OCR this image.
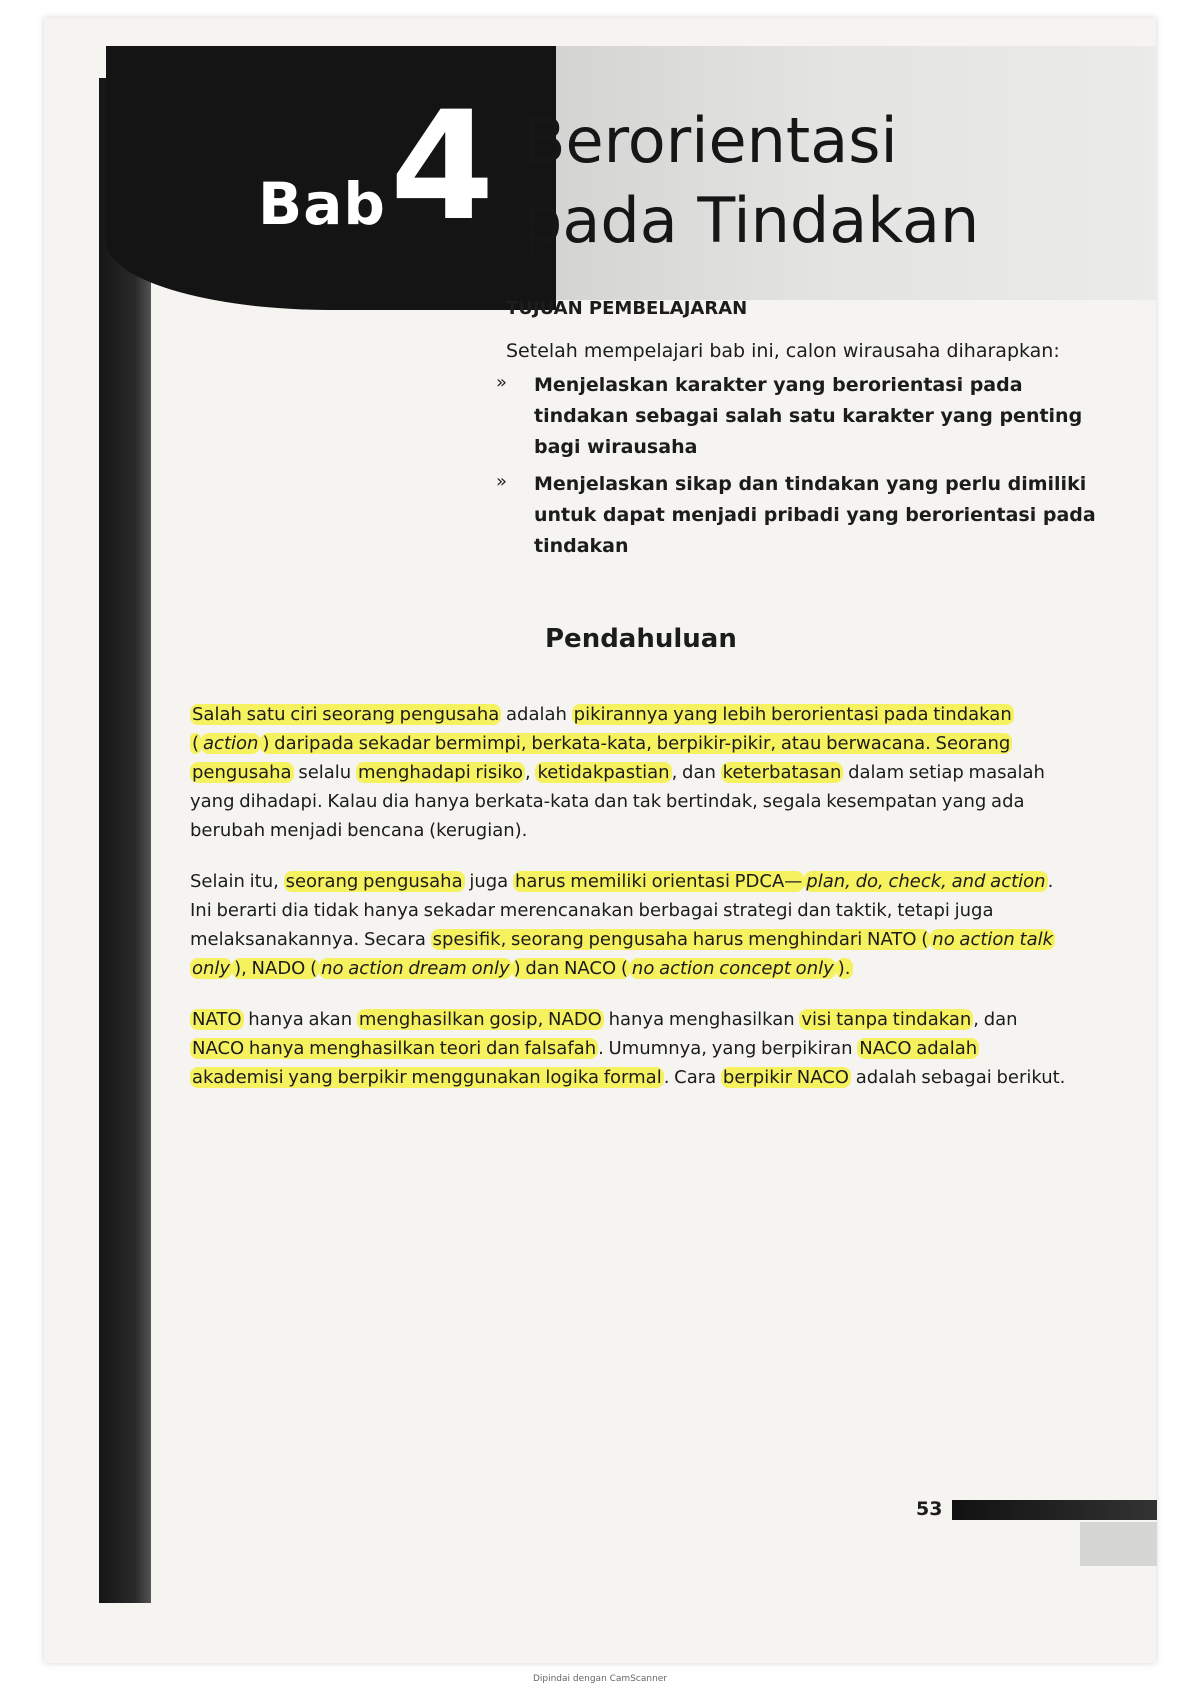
Bab 4 Berorientasi
pada Tindakan
TUJUAN PEMBELAJARAN
Setelah mempelajari bab ini, calon wirausaha diharapkan:
»	Menjelaskan karakter yang berorientasi pada tindakan sebagai salah satu karakter yang penting bagi wirausaha
»	Menjelaskan sikap dan tindakan yang perlu dimiliki untuk dapat menjadi pribadi yang berorientasi pada tindakan
Pendahuluan

Salah satu ciri seorang pengusaha adalah pikirannya yang lebih berorientasi pada tindakan ( action ) daripada sekadar bermimpi, berkata-kata, berpikir-pikir, atau berwacana. Seorang pengusaha selalu menghadapi risiko , ketidakpastian , dan keterbatasan dalam setiap masalah yang dihadapi. Kalau dia hanya berkata-kata dan tak bertindak, segala kesempatan yang ada berubah menjadi bencana (kerugian).

Selain itu, seorang pengusaha juga harus memiliki orientasi PDCA— plan, do, check, and action . Ini berarti dia tidak hanya sekadar merencanakan berbagai strategi dan taktik, tetapi juga melaksanakannya. Secara spesifik, seorang pengusaha harus menghindari NATO ( no action talk only ), NADO ( no action dream only ) dan NACO ( no action concept only ).

NATO hanya akan menghasilkan gosip, NADO hanya menghasilkan visi tanpa tindakan , dan NACO hanya menghasilkan teori dan falsafah . Umumnya, yang berpikiran NACO adalah akademisi yang berpikir menggunakan logika formal . Cara berpikir NACO adalah sebagai berikut.

53
Dipindai dengan CamScanner
